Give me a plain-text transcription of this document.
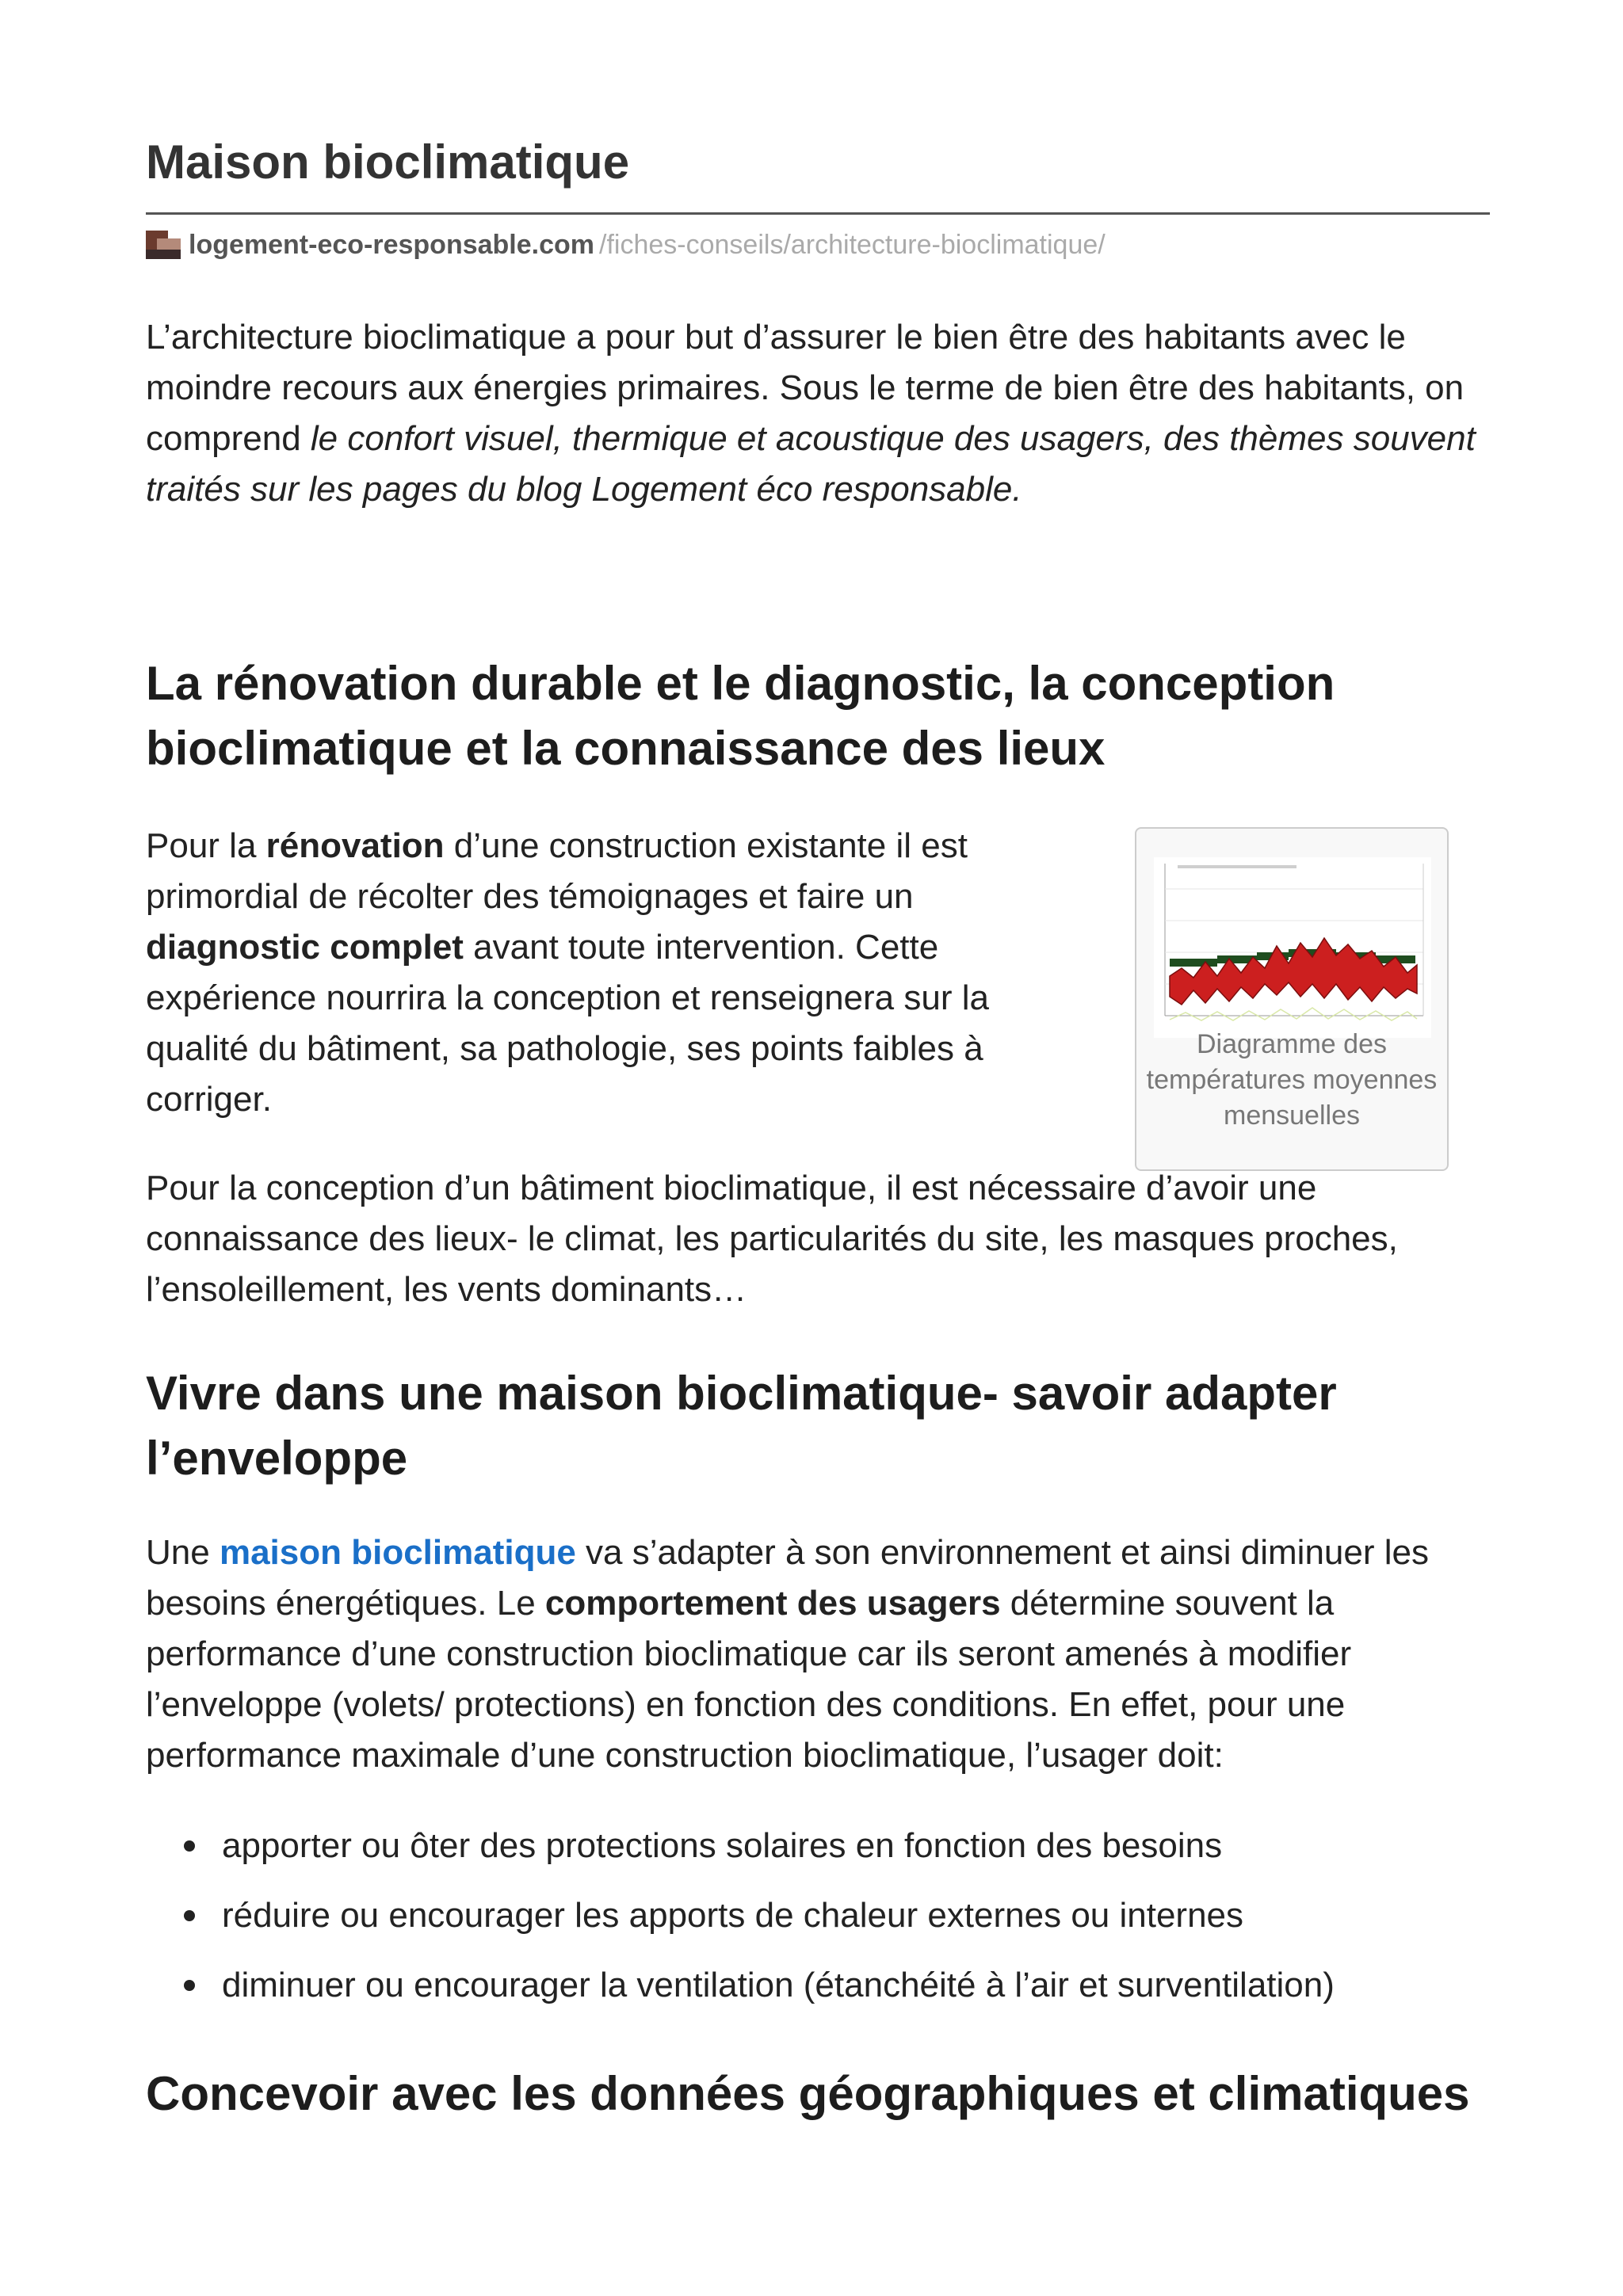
Maison bioclimatique
logement-eco-responsable.com /fiches-conseils/architecture-bioclimatique/

L’architecture bioclimatique a pour but d’assurer le bien être des habitants avec le moindre recours aux énergies primaires. Sous le terme de bien être des habitants, on comprend le confort visuel, thermique et acoustique des usagers, des thèmes souvent traités sur les pages du blog Logement éco responsable.

La rénovation durable et le diagnostic, la conception bioclimatique et la connaissance des lieux

Pour la rénovation d’une construction existante il est primordial de récolter des témoignages et faire un diagnostic complet avant toute intervention. Cette expérience nourrira la conception et renseignera sur la qualité du bâtiment, sa pathologie, ses points faibles à corriger.

Diagramme des températures moyennes mensuelles

Pour la conception d’un bâtiment bioclimatique, il est nécessaire d’avoir une connaissance des lieux- le climat, les particularités du site, les masques proches, l’ensoleillement, les vents dominants…

Vivre dans une maison bioclimatique- savoir adapter l’enveloppe

Une maison bioclimatique va s’adapter à son environnement et ainsi diminuer les besoins énergétiques. Le comportement des usagers détermine souvent la performance d’une construction bioclimatique car ils seront amenés à modifier l’enveloppe (volets/ protections) en fonction des conditions. En effet, pour une performance maximale d’une construction bioclimatique, l’usager doit:

apporter ou ôter des protections solaires en fonction des besoins
réduire ou encourager les apports de chaleur externes ou internes
diminuer ou encourager la ventilation (étanchéité à l’air et surventilation)
Concevoir avec les données géographiques et climatiques
